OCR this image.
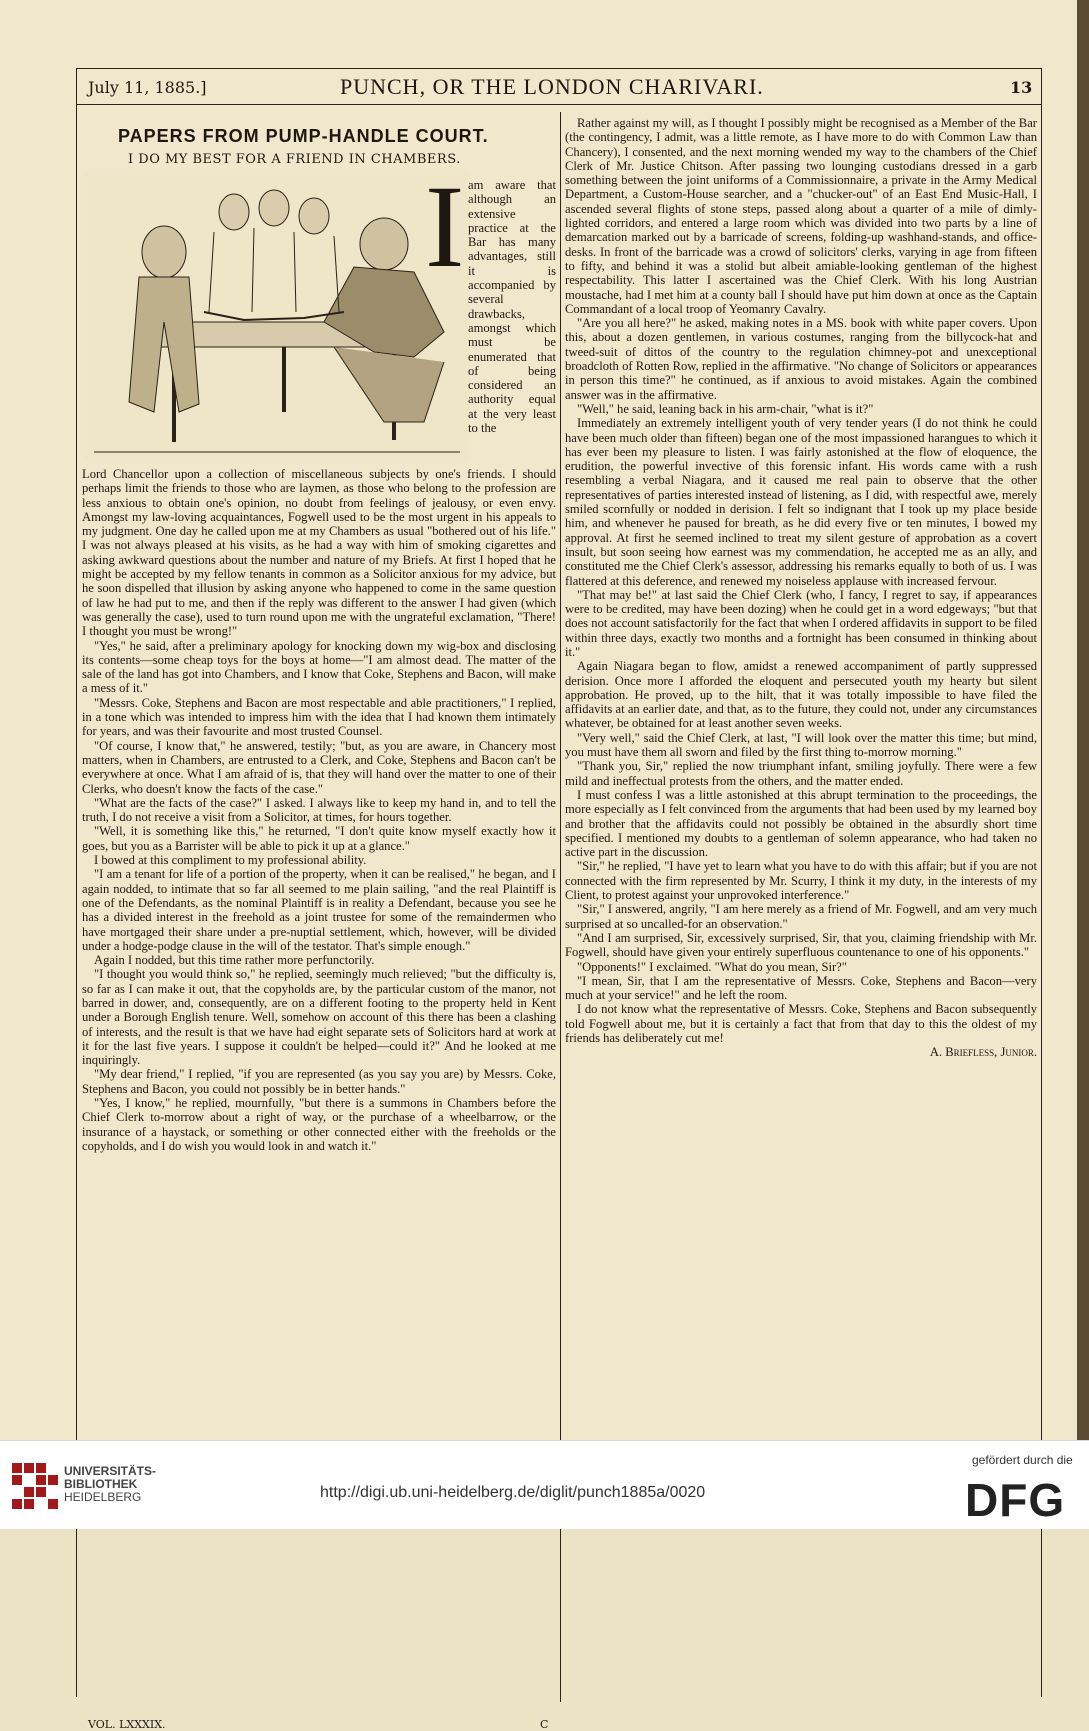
July 11, 1885.]	PUNCH, OR THE LONDON CHARIVARI.	13
PAPERS FROM PUMP-HANDLE COURT.
I DO MY BEST FOR A FRIEND IN CHAMBERS.
I am aware that although an extensive practice at the Bar has many advantages, still it is accompanied by several drawbacks, amongst which must be enumerated that of being considered an authority equal at the very least to the

Lord Chancellor upon a collection of miscellaneous subjects by one's friends. I should perhaps limit the friends to those who are laymen, as those who belong to the profession are less anxious to obtain one's opinion, no doubt from feelings of jealousy, or even envy. Amongst my law-loving acquaintances, Fogwell used to be the most urgent in his appeals to my judgment. One day he called upon me at my Chambers as usual "bothered out of his life." I was not always pleased at his visits, as he had a way with him of smoking cigarettes and asking awkward questions about the number and nature of my Briefs. At first I hoped that he might be accepted by my fellow tenants in common as a Solicitor anxious for my advice, but he soon dispelled that illusion by asking anyone who happened to come in the same question of law he had put to me, and then if the reply was different to the answer I had given (which was generally the case), used to turn round upon me with the ungrateful exclamation, "There! I thought you must be wrong!"

"Yes," he said, after a preliminary apology for knocking down my wig-box and disclosing its contents—some cheap toys for the boys at home—"I am almost dead. The matter of the sale of the land has got into Chambers, and I know that Coke, Stephens and Bacon, will make a mess of it."

"Messrs. Coke, Stephens and Bacon are most respectable and able practitioners," I replied, in a tone which was intended to impress him with the idea that I had known them intimately for years, and was their favourite and most trusted Counsel.

"Of course, I know that," he answered, testily; "but, as you are aware, in Chancery most matters, when in Chambers, are entrusted to a Clerk, and Coke, Stephens and Bacon can't be everywhere at once. What I am afraid of is, that they will hand over the matter to one of their Clerks, who doesn't know the facts of the case."

"What are the facts of the case?" I asked. I always like to keep my hand in, and to tell the truth, I do not receive a visit from a Solicitor, at times, for hours together.

"Well, it is something like this," he returned, "I don't quite know myself exactly how it goes, but you as a Barrister will be able to pick it up at a glance."

I bowed at this compliment to my professional ability.

"I am a tenant for life of a portion of the property, when it can be realised," he began, and I again nodded, to intimate that so far all seemed to me plain sailing, "and the real Plaintiff is one of the Defendants, as the nominal Plaintiff is in reality a Defendant, because you see he has a divided interest in the freehold as a joint trustee for some of the remaindermen who have mortgaged their share under a pre-nuptial settlement, which, however, will be divided under a hodge-podge clause in the will of the testator. That's simple enough."

Again I nodded, but this time rather more perfunctorily.

"I thought you would think so," he replied, seemingly much relieved; "but the difficulty is, so far as I can make it out, that the copyholds are, by the particular custom of the manor, not barred in dower, and, consequently, are on a different footing to the property held in Kent under a Borough English tenure. Well, somehow on account of this there has been a clashing of interests, and the result is that we have had eight separate sets of Solicitors hard at work at it for the last five years. I suppose it couldn't be helped—could it?" And he looked at me inquiringly.

"My dear friend," I replied, "if you are represented (as you say you are) by Messrs. Coke, Stephens and Bacon, you could not possibly be in better hands."

"Yes, I know," he replied, mournfully, "but there is a summons in Chambers before the Chief Clerk to-morrow about a right of way, or the purchase of a wheelbarrow, or the insurance of a haystack, or something or other connected either with the freeholds or the copyholds, and I do wish you would look in and watch it."

Rather against my will, as I thought I possibly might be recognised as a Member of the Bar (the contingency, I admit, was a little remote, as I have more to do with Common Law than Chancery), I consented, and the next morning wended my way to the chambers of the Chief Clerk of Mr. Justice Chitson. After passing two lounging custodians dressed in a garb something between the joint uniforms of a Commissionnaire, a private in the Army Medical Department, a Custom-House searcher, and a "chucker-out" of an East End Music-Hall, I ascended several flights of stone steps, passed along about a quarter of a mile of dimly-lighted corridors, and entered a large room which was divided into two parts by a line of demarcation marked out by a barricade of screens, folding-up washhand-stands, and office-desks. In front of the barricade was a crowd of solicitors' clerks, varying in age from fifteen to fifty, and behind it was a stolid but albeit amiable-looking gentleman of the highest respectability. This latter I ascertained was the Chief Clerk. With his long Austrian moustache, had I met him at a county ball I should have put him down at once as the Captain Commandant of a local troop of Yeomanry Cavalry.

"Are you all here?" he asked, making notes in a MS. book with white paper covers. Upon this, about a dozen gentlemen, in various costumes, ranging from the billycock-hat and tweed-suit of dittos of the country to the regulation chimney-pot and unexceptional broadcloth of Rotten Row, replied in the affirmative. "No change of Solicitors or appearances in person this time?" he continued, as if anxious to avoid mistakes. Again the combined answer was in the affirmative.

"Well," he said, leaning back in his arm-chair, "what is it?"

Immediately an extremely intelligent youth of very tender years (I do not think he could have been much older than fifteen) began one of the most impassioned harangues to which it has ever been my pleasure to listen. I was fairly astonished at the flow of eloquence, the erudition, the powerful invective of this forensic infant. His words came with a rush resembling a verbal Niagara, and it caused me real pain to observe that the other representatives of parties interested instead of listening, as I did, with respectful awe, merely smiled scornfully or nodded in derision. I felt so indignant that I took up my place beside him, and whenever he paused for breath, as he did every five or ten minutes, I bowed my approval. At first he seemed inclined to treat my silent gesture of approbation as a covert insult, but soon seeing how earnest was my commendation, he accepted me as an ally, and constituted me the Chief Clerk's assessor, addressing his remarks equally to both of us. I was flattered at this deference, and renewed my noiseless applause with increased fervour.

"That may be!" at last said the Chief Clerk (who, I fancy, I regret to say, if appearances were to be credited, may have been dozing) when he could get in a word edgeways; "but that does not account satisfactorily for the fact that when I ordered affidavits in support to be filed within three days, exactly two months and a fortnight has been consumed in thinking about it."

Again Niagara began to flow, amidst a renewed accompaniment of partly suppressed derision. Once more I afforded the eloquent and persecuted youth my hearty but silent approbation. He proved, up to the hilt, that it was totally impossible to have filed the affidavits at an earlier date, and that, as to the future, they could not, under any circumstances whatever, be obtained for at least another seven weeks.

"Very well," said the Chief Clerk, at last, "I will look over the matter this time; but mind, you must have them all sworn and filed by the first thing to-morrow morning."

"Thank you, Sir," replied the now triumphant infant, smiling joyfully. There were a few mild and ineffectual protests from the others, and the matter ended.

I must confess I was a little astonished at this abrupt termination to the proceedings, the more especially as I felt convinced from the arguments that had been used by my learned boy and brother that the affidavits could not possibly be obtained in the absurdly short time specified. I mentioned my doubts to a gentleman of solemn appearance, who had taken no active part in the discussion.

"Sir," he replied, "I have yet to learn what you have to do with this affair; but if you are not connected with the firm represented by Mr. Scurry, I think it my duty, in the interests of my Client, to protest against your unprovoked interference."

"Sir," I answered, angrily, "I am here merely as a friend of Mr. Fogwell, and am very much surprised at so uncalled-for an observation."

"And I am surprised, Sir, excessively surprised, Sir, that you, claiming friendship with Mr. Fogwell, should have given your entirely superfluous countenance to one of his opponents."

"Opponents!" I exclaimed. "What do you mean, Sir?"

"I mean, Sir, that I am the representative of Messrs. Coke, Stephens and Bacon—very much at your service!" and he left the room.

I do not know what the representative of Messrs. Coke, Stephens and Bacon subsequently told Fogwell about me, but it is certainly a fact that from that day to this the oldest of my friends has deliberately cut me!

A. Briefless, Junior.

VOL. LXXXIX.	C
UNIVERSITÄTS-
BIBLIOTHEK
HEIDELBERG	http://digi.ub.uni-heidelberg.de/diglit/punch1885a/0020
gefördert durch die
DFG
